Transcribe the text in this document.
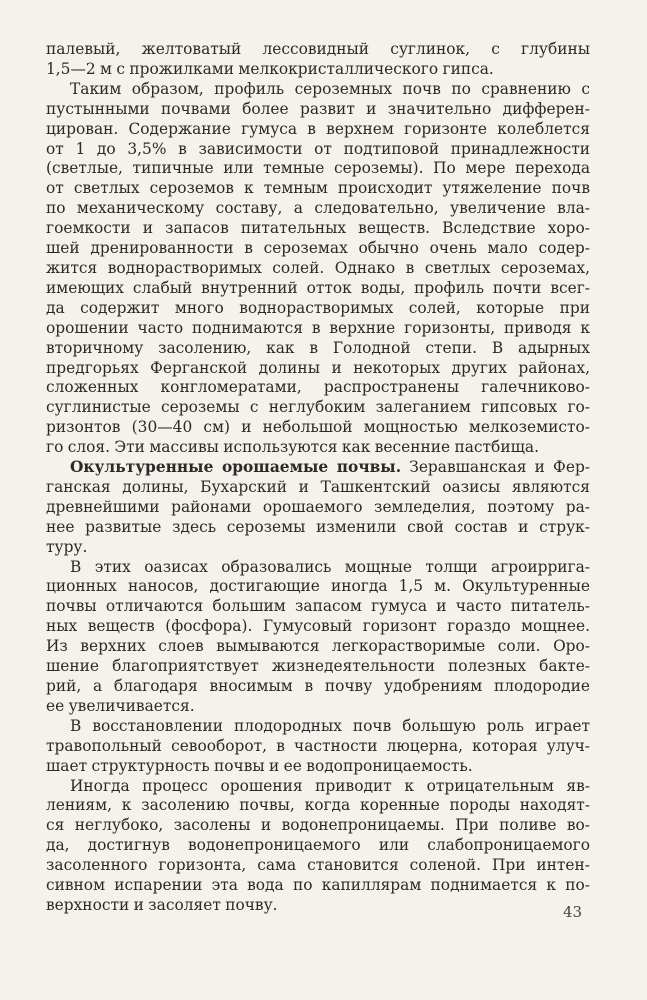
палевый, желтоватый лессовидный суглинок, с глубины
1,5—2 м с прожилками мелкокристаллического гипса.
Таким образом, профиль сероземных почв по сравнению с
пустынными почвами более развит и значительно дифферен-
цирован. Содержание гумуса в верхнем горизонте колеблется
от 1 до 3,5% в зависимости от подтиповой принадлежности
(светлые, типичные или темные сероземы). По мере перехода
от светлых сероземов к темным происходит утяжеление почв
по механическому составу, а следовательно, увеличение вла-
гоемкости и запасов питательных веществ. Вследствие хоро-
шей дренированности в сероземах обычно очень мало содер-
жится воднорастворимых солей. Однако в светлых сероземах,
имеющих слабый внутренний отток воды, профиль почти всег-
да содержит много воднорастворимых солей, которые при
орошении часто поднимаются в верхние горизонты, приводя к
вторичному засолению, как в Голодной степи. В адырных
предгорьях Ферганской долины и некоторых других районах,
сложенных конгломератами, распространены галечниково-
суглинистые сероземы с неглубоким залеганием гипсовых го-
ризонтов (30—40 см) и небольшой мощностью мелкоземисто-
го слоя. Эти массивы используются как весенние пастбища.
Окультуренные орошаемые почвы. Зеравшанская и Фер-
ганская долины, Бухарский и Ташкентский оазисы являются
древнейшими районами орошаемого земледелия, поэтому ра-
нее развитые здесь сероземы изменили свой состав и струк-
туру.
В этих оазисах образовались мощные толщи агроирригa-
ционных наносов, достигающие иногда 1,5 м. Окультуренные
почвы отличаются большим запасом гумуса и часто питатель-
ных веществ (фосфора). Гумусовый горизонт гораздо мощнее.
Из верхних слоев вымываются легкорастворимые соли. Оро-
шение благоприятствует жизнедеятельности полезных бакте-
рий, а благодаря вносимым в почву удобрениям плодородие
ее увеличивается.
В восстановлении плодородных почв большую роль играет
травопольный севооборот, в частности люцерна, которая улуч-
шает структурность почвы и ее водопроницаемость.
Иногда процесс орошения приводит к отрицательным яв-
лениям, к засолению почвы, когда коренные породы находят-
ся неглубоко, засолены и водонепроницаемы. При поливе во-
да, достигнув водонепроницаемого или слабопроницаемого
засоленного горизонта, сама становится соленой. При интен-
сивном испарении эта вода по капиллярам поднимается к по-
верхности и засоляет почву.	43
